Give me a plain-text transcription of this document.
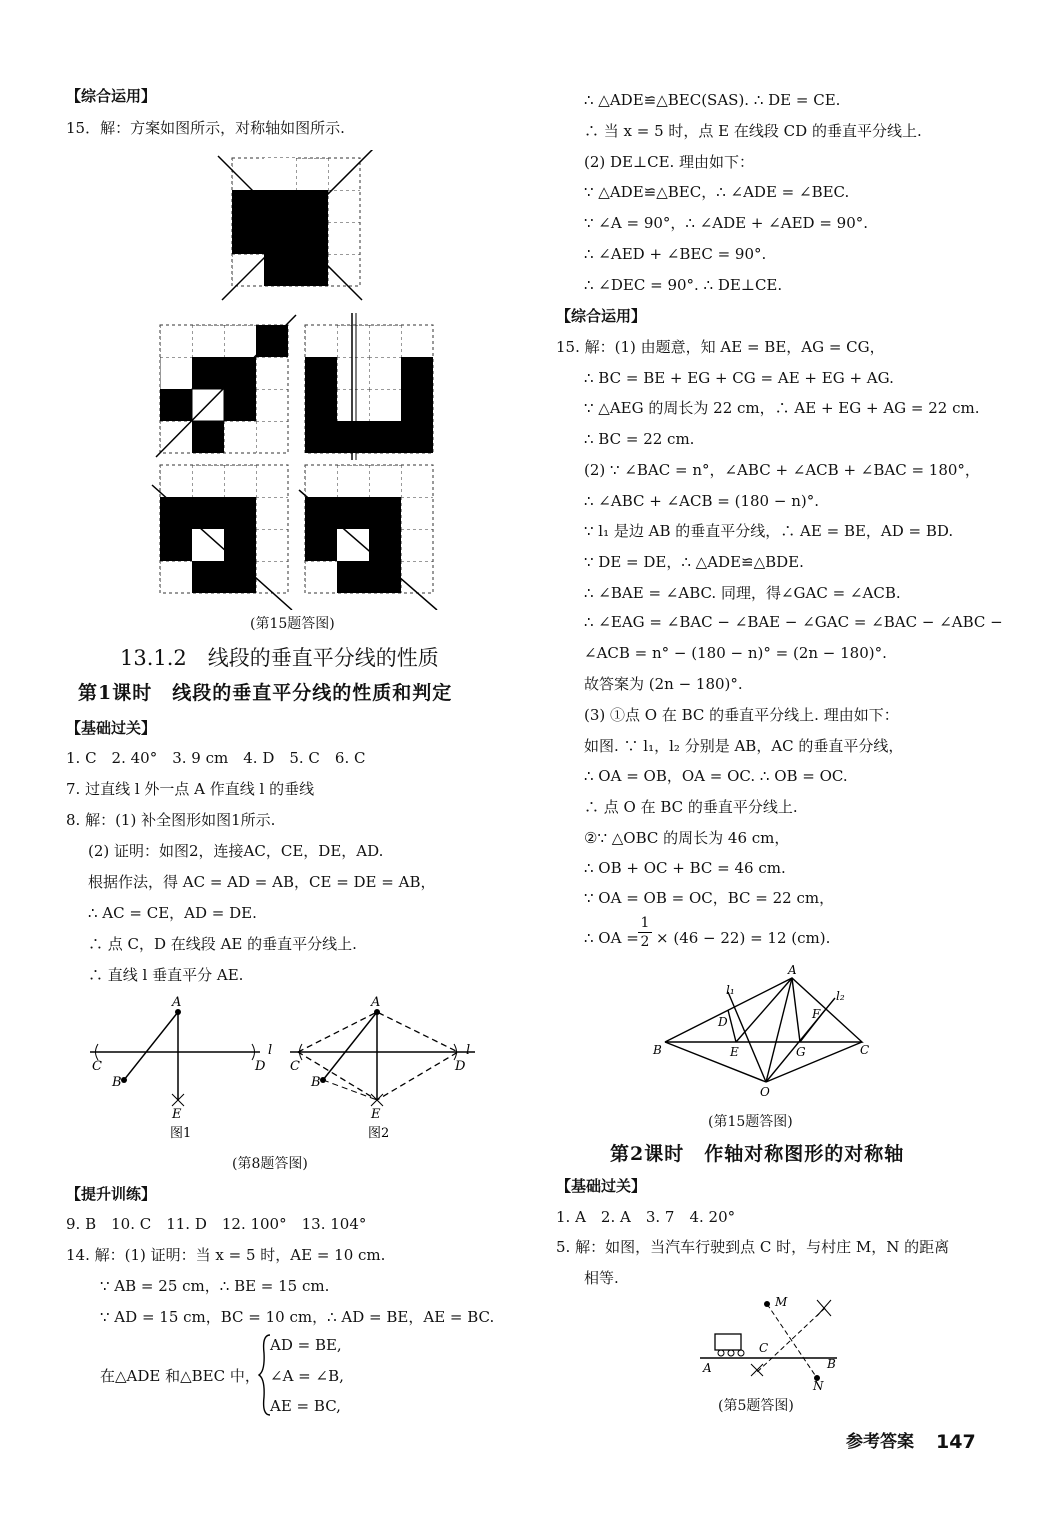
【综合运用】
15．解：方案如图所示，对称轴如图所示.
(第15题答图)
13.1.2　线段的垂直平分线的性质
第1课时　线段的垂直平分线的性质和判定
【基础过关】
1. C　2. 40°　3. 9 cm　4. D　5. C　6. C
7. 过直线 l 外一点 A 作直线 l 的垂线
8. 解：(1) 补全图形如图1所示.
(2) 证明：如图2，连接AC，CE，DE，AD.
根据作法，得 AC = AD = AB，CE = DE = AB，
∴ AC = CE，AD = DE.
∴ 点 C，D 在线段 AE 的垂直平分线上.
∴ 直线 l 垂直平分 AE.
A
B
C	D
E
l
A
B
C	D
E
l
图1	图2
(第8题答图)
【提升训练】
9. B　10. C　11. D　12. 100°　13. 104°
14. 解：(1) 证明：当 x = 5 时，AE = 10 cm.
∵ AB = 25 cm，∴ BE = 15 cm.
∵ AD = 15 cm，BC = 10 cm，∴ AD = BE，AE = BC.
在△ADE 和△BEC 中，
AD = BE,
∠A = ∠B,
AE = BC,
∴ △ADE≌△BEC(SAS). ∴ DE = CE.
∴ 当 x = 5 时，点 E 在线段 CD 的垂直平分线上.
(2) DE⊥CE. 理由如下：
∵ △ADE≌△BEC，∴ ∠ADE = ∠BEC.
∵ ∠A = 90°，∴ ∠ADE + ∠AED = 90°.
∴ ∠AED + ∠BEC = 90°.
∴ ∠DEC = 90°. ∴ DE⊥CE.
【综合运用】
15. 解：(1) 由题意，知 AE = BE，AG = CG，
∴ BC = BE + EG + CG = AE + EG + AG.
∵ △AEG 的周长为 22 cm，∴ AE + EG + AG = 22 cm.
∴ BC = 22 cm.
(2) ∵ ∠BAC = n°，∠ABC + ∠ACB + ∠BAC = 180°，
∴ ∠ABC + ∠ACB = (180 − n)°.
∵ l₁ 是边 AB 的垂直平分线，∴ AE = BE，AD = BD.
∵ DE = DE，∴ △ADE≌△BDE.
∴ ∠BAE = ∠ABC. 同理，得∠GAC = ∠ACB.
∴ ∠EAG = ∠BAC − ∠BAE − ∠GAC = ∠BAC − ∠ABC −
∠ACB = n° − (180 − n)° = (2n − 180)°.
故答案为 (2n − 180)°.
(3) ①点 O 在 BC 的垂直平分线上. 理由如下：
如图. ∵ l₁，l₂ 分别是 AB，AC 的垂直平分线，
∴ OA = OB，OA = OC. ∴ OB = OC.
∴ 点 O 在 BC 的垂直平分线上.
②∵ △OBC 的周长为 46 cm，
∴ OB + OC + BC = 46 cm.
∵ OA = OB = OC，BC = 22 cm，
∴ OA = $\frac{1}{2} \times (46 - 22) = 12$ (cm).
A
B	C
D
E
F
G
O
l₁	l₂
(第15题答图)
第2课时　作轴对称图形的对称轴
【基础过关】
1. A　2. A　3. 7　4. 20°
5. 解：如图，当汽车行驶到点 C 时，与村庄 M，N 的距离
相等.
M
N
A	B
C
(第5题答图)
参考答案 147
